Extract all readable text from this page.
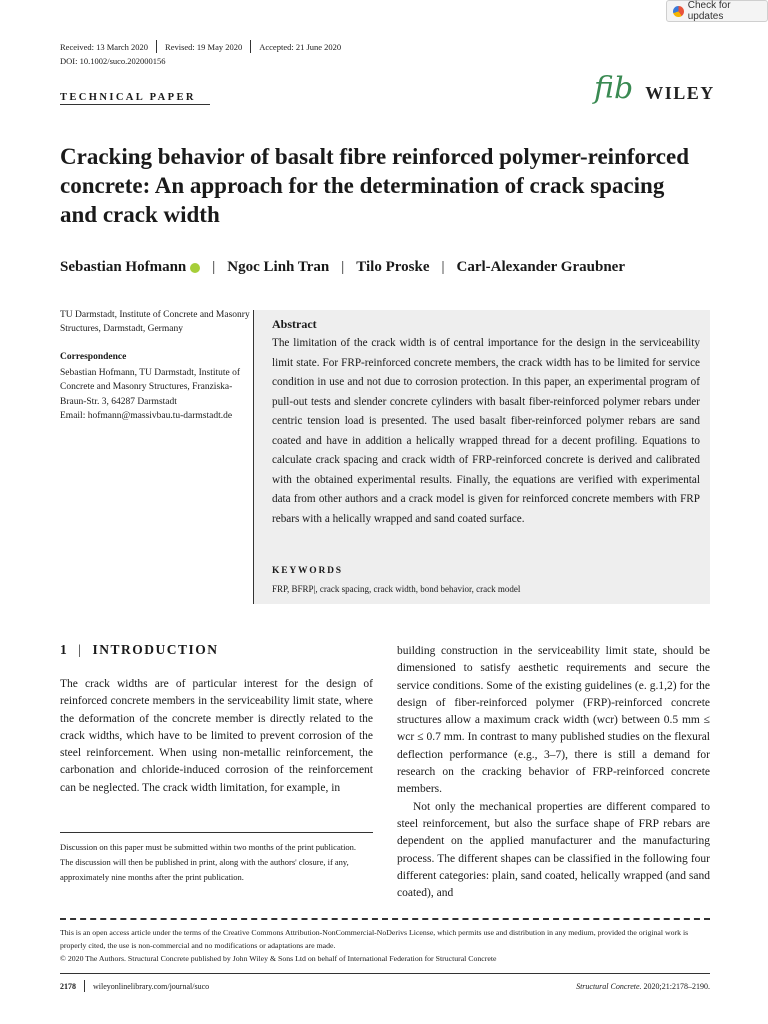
Check for updates
Received: 13 March 2020 Revised: 19 May 2020 Accepted: 21 June 2020
DOI: 10.1002/suco.202000156
TECHNICAL PAPER	fib WILEY
Cracking behavior of basalt fibre reinforced polymer-reinforced concrete: An approach for the determination of crack spacing and crack width
Sebastian Hofmann | Ngoc Linh Tran | Tilo Proske | Carl-Alexander Graubner
TU Darmstadt, Institute of Concrete and Masonry Structures, Darmstadt, Germany
Correspondence
Sebastian Hofmann, TU Darmstadt, Institute of Concrete and Masonry Structures, Franziska-Braun-Str. 3, 64287 Darmstadt
Email: hofmann@massivbau.tu-darmstadt.de
Abstract
The limitation of the crack width is of central importance for the design in the serviceability limit state. For FRP-reinforced concrete members, the crack width has to be limited for service condition in use and not due to corrosion protection. In this paper, an experimental program of pull-out tests and slender concrete cylinders with basalt fiber-reinforced polymer rebars under centric tension load is presented. The used basalt fiber-reinforced polymer rebars are sand coated and have in addition a helically wrapped thread for a decent profiling. Equations to calculate crack spacing and crack width of FRP-reinforced concrete is derived and calibrated with the obtained experimental results. Finally, the equations are verified with experimental data from other authors and a crack model is given for reinforced concrete members with FRP rebars with a helically wrapped and sand coated surface.
KEYWORDS
FRP, BFRP|, crack spacing, crack width, bond behavior, crack model
1 | INTRODUCTION
The crack widths are of particular interest for the design of reinforced concrete members in the serviceability limit state, where the deformation of the concrete member is directly related to the crack widths, which have to be limited to prevent corrosion of the steel reinforcement. When using non-metallic reinforcement, the carbonation and chloride-induced corrosion of the reinforcement can be neglected. The crack width limitation, for example, in

building construction in the serviceability limit state, should be dimensioned to satisfy aesthetic requirements and secure the service conditions. Some of the existing guidelines (e. g.1,2) for the design of fiber-reinforced polymer (FRP)-reinforced concrete structures allow a maximum crack width (wcr) between 0.5 mm ≤ wcr ≤ 0.7 mm. In contrast to many published studies on the flexural deflection performance (e.g., 3–7), there is still a demand for research on the cracking behavior of FRP-reinforced concrete members.

Not only the mechanical properties are different compared to steel reinforcement, but also the surface shape of FRP rebars are dependent on the applied manufacturer and the manufacturing process. The different shapes can be classified in the following four different categories: plain, sand coated, helically wrapped (and sand coated), and

Discussion on this paper must be submitted within two months of the print publication. The discussion will then be published in print, along with the authors' closure, if any, approximately nine months after the print publication.
This is an open access article under the terms of the Creative Commons Attribution-NonCommercial-NoDerivs License, which permits use and distribution in any medium, provided the original work is properly cited, the use is non-commercial and no modifications or adaptations are made.
© 2020 The Authors. Structural Concrete published by John Wiley & Sons Ltd on behalf of International Federation for Structural Concrete
2178 wileyonlinelibrary.com/journal/suco	Structural Concrete. 2020;21:2178–2190.
